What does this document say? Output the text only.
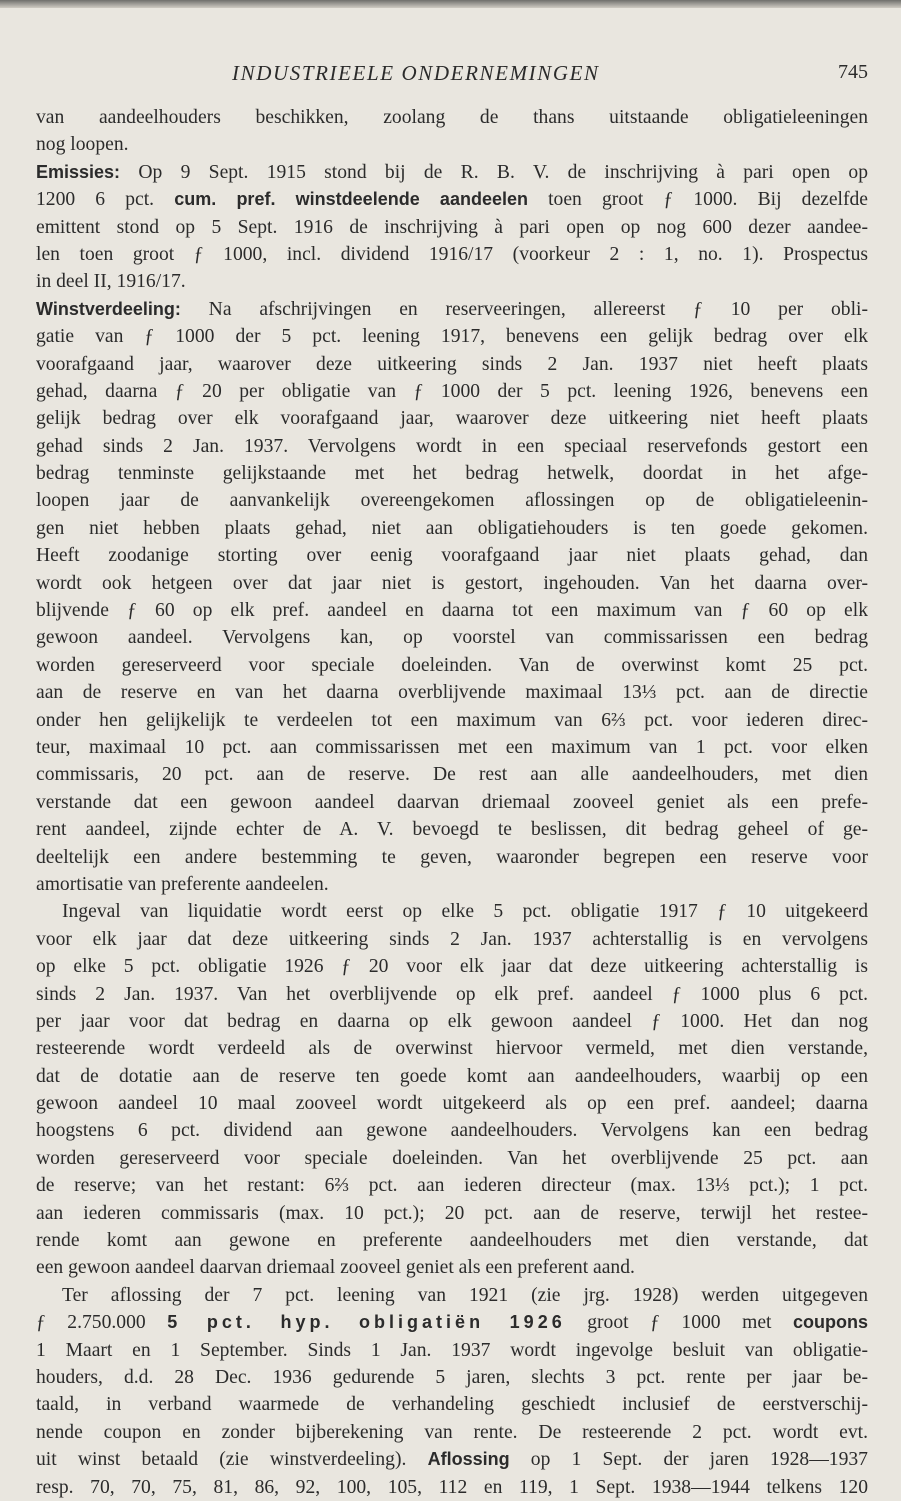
INDUSTRIEELE ONDERNEMINGEN	745
van aandeelhouders beschikken, zoolang de thans uitstaande obligatieleeningen
nog loopen.
Emissies: Op 9 Sept. 1915 stond bij de R. B. V. de inschrijving à pari open op
1200 6 pct. cum. pref. winstdeelende aandeelen toen groot ƒ 1000. Bij dezelfde
emittent stond op 5 Sept. 1916 de inschrijving à pari open op nog 600 dezer aandee-
len toen groot ƒ 1000, incl. dividend 1916/17 (voorkeur 2 : 1, no. 1). Prospectus
in deel II, 1916/17.
Winstverdeeling: Na afschrijvingen en reserveeringen, allereerst ƒ 10 per obli-
gatie van ƒ 1000 der 5 pct. leening 1917, benevens een gelijk bedrag over elk
voorafgaand jaar, waarover deze uitkeering sinds 2 Jan. 1937 niet heeft plaats
gehad, daarna ƒ 20 per obligatie van ƒ 1000 der 5 pct. leening 1926, benevens een
gelijk bedrag over elk voorafgaand jaar, waarover deze uitkeering niet heeft plaats
gehad sinds 2 Jan. 1937. Vervolgens wordt in een speciaal reservefonds gestort een
bedrag tenminste gelijkstaande met het bedrag hetwelk, doordat in het afge-
loopen jaar de aanvankelijk overeengekomen aflossingen op de obligatieleenin-
gen niet hebben plaats gehad, niet aan obligatiehouders is ten goede gekomen.
Heeft zoodanige storting over eenig voorafgaand jaar niet plaats gehad, dan
wordt ook hetgeen over dat jaar niet is gestort, ingehouden. Van het daarna over-
blijvende ƒ 60 op elk pref. aandeel en daarna tot een maximum van ƒ 60 op elk
gewoon aandeel. Vervolgens kan, op voorstel van commissarissen een bedrag
worden gereserveerd voor speciale doeleinden. Van de overwinst komt 25 pct.
aan de reserve en van het daarna overblijvende maximaal 13⅓ pct. aan de directie
onder hen gelijkelijk te verdeelen tot een maximum van 6⅔ pct. voor iederen direc-
teur, maximaal 10 pct. aan commissarissen met een maximum van 1 pct. voor elken
commissaris, 20 pct. aan de reserve. De rest aan alle aandeelhouders, met dien
verstande dat een gewoon aandeel daarvan driemaal zooveel geniet als een prefe-
rent aandeel, zijnde echter de A. V. bevoegd te beslissen, dit bedrag geheel of ge-
deeltelijk een andere bestemming te geven, waaronder begrepen een reserve voor
amortisatie van preferente aandeelen.
Ingeval van liquidatie wordt eerst op elke 5 pct. obligatie 1917 ƒ 10 uitgekeerd
voor elk jaar dat deze uitkeering sinds 2 Jan. 1937 achterstallig is en vervolgens
op elke 5 pct. obligatie 1926 ƒ 20 voor elk jaar dat deze uitkeering achterstallig is
sinds 2 Jan. 1937. Van het overblijvende op elk pref. aandeel ƒ 1000 plus 6 pct.
per jaar voor dat bedrag en daarna op elk gewoon aandeel ƒ 1000. Het dan nog
resteerende wordt verdeeld als de overwinst hiervoor vermeld, met dien verstande,
dat de dotatie aan de reserve ten goede komt aan aandeelhouders, waarbij op een
gewoon aandeel 10 maal zooveel wordt uitgekeerd als op een pref. aandeel; daarna
hoogstens 6 pct. dividend aan gewone aandeelhouders. Vervolgens kan een bedrag
worden gereserveerd voor speciale doeleinden. Van het overblijvende 25 pct. aan
de reserve; van het restant: 6⅔ pct. aan iederen directeur (max. 13⅓ pct.); 1 pct.
aan iederen commissaris (max. 10 pct.); 20 pct. aan de reserve, terwijl het restee-
rende komt aan gewone en preferente aandeelhouders met dien verstande, dat
een gewoon aandeel daarvan driemaal zooveel geniet als een preferent aand.
Ter aflossing der 7 pct. leening van 1921 (zie jrg. 1928) werden uitgegeven
ƒ 2.750.000 5 pct. hyp. obligatiën 1926 groot ƒ 1000 met coupons
1 Maart en 1 September. Sinds 1 Jan. 1937 wordt ingevolge besluit van obligatie-
houders, d.d. 28 Dec. 1936 gedurende 5 jaren, slechts 3 pct. rente per jaar be-
taald, in verband waarmede de verhandeling geschiedt inclusief de eerstverschij-
nende coupon en zonder bijberekening van rente. De resteerende 2 pct. wordt evt.
uit winst betaald (zie winstverdeeling). Aflossing op 1 Sept. der jaren 1928—1937
resp. 70, 70, 75, 81, 86, 92, 100, 105, 112 en 119, 1 Sept. 1938—1944 telkens 120
